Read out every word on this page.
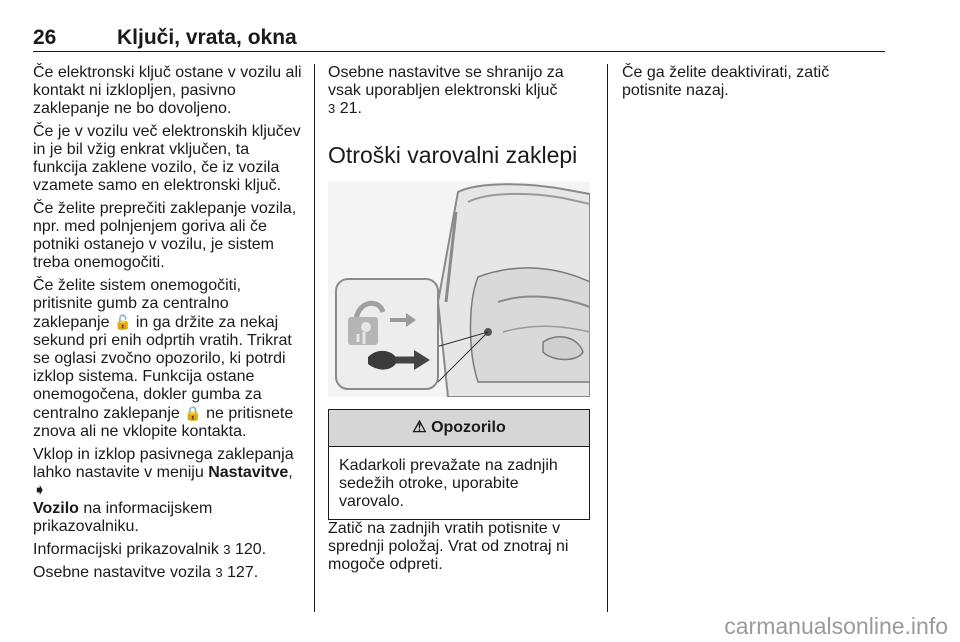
26	Ključi, vrata, okna

Če elektronski ključ ostane v vozilu ali kontakt ni izklopljen, pasivno zaklepanje ne bo dovoljeno.

Če je v vozilu več elektronskih ključev in je bil vžig enkrat vključen, ta funkcija zaklene vozilo, če iz vozila vzamete samo en elektronski ključ.

Če želite preprečiti zaklepanje vozila, npr. med polnjenjem goriva ali če potniki ostanejo v vozilu, je sistem treba onemogočiti.

Če želite sistem onemogočiti, pritisnite gumb za centralno zaklepanje 🔓 in ga držite za nekaj sekund pri enih odprtih vratih. Trikrat se oglasi zvočno opozorilo, ki potrdi izklop sistema. Funkcija ostane onemogočena, dokler gumba za centralno zaklepanje 🔒 ne pritisnete znova ali ne vklopite kontakta.

Vklop in izklop pasivnega zaklepanja lahko nastavite v meniju Nastavitve, ➧
Vozilo na informacijskem prikazovalniku.

Informacijski prikazovalnik 3 120.

Osebne nastavitve vozila 3 127.

Osebne nastavitve se shranijo za vsak uporabljen elektronski ključ
3 21.

Otroški varovalni zaklepi
⚠ Opozorilo
Kadarkoli prevažate na zadnjih sedežih otroke, uporabite varovalo.

Zatič na zadnjih vratih potisnite v sprednji položaj. Vrat od znotraj ni mogoče odpreti.

Če ga želite deaktivirati, zatič potisnite nazaj.

carmanualsonline.info
